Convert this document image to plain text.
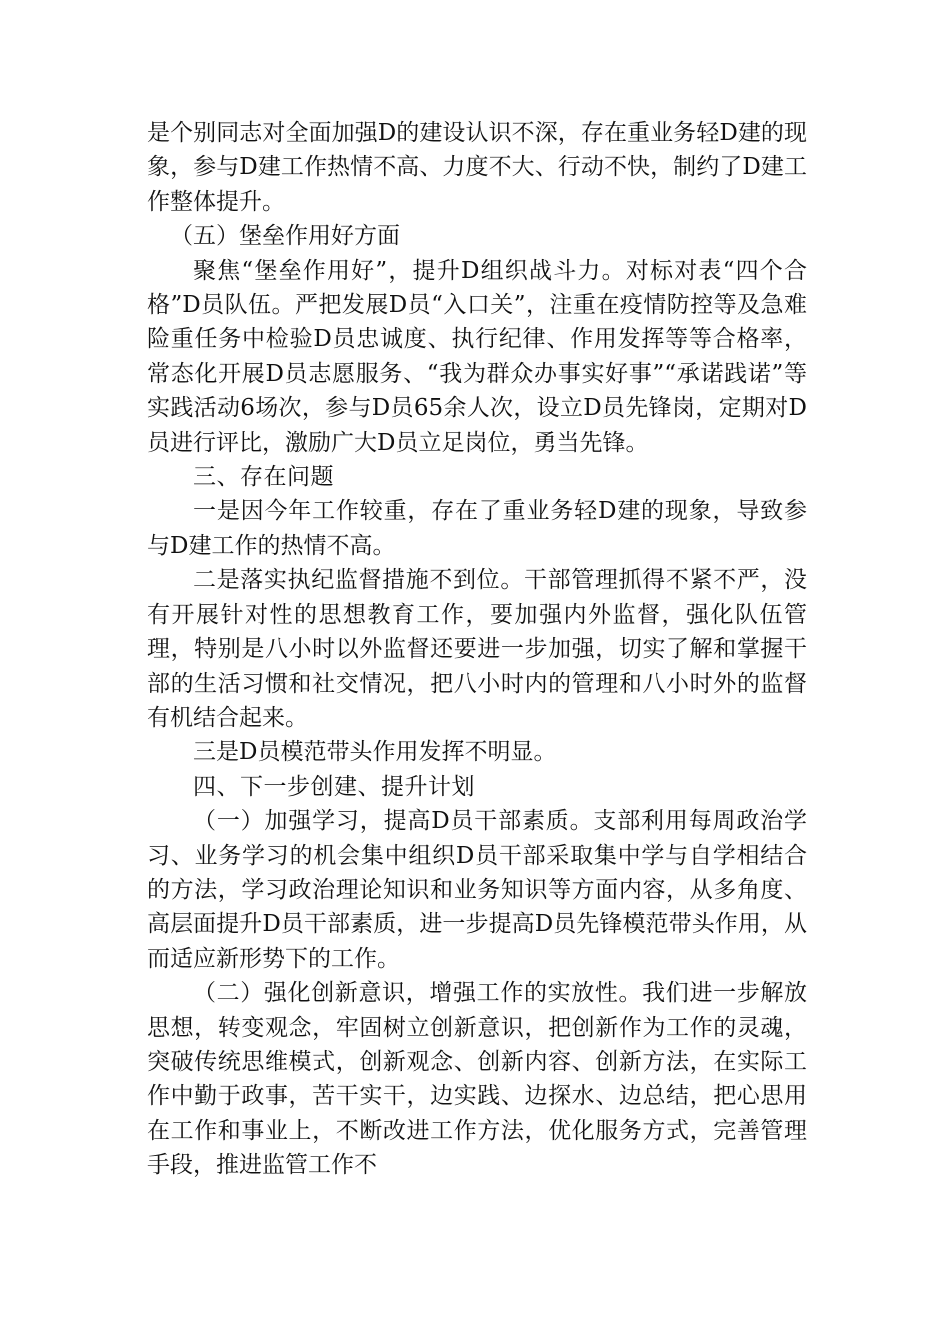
是个别同志对全面加强D的建设认识不深，存在重业务轻D建的现象，参与D建工作热情不高、力度不大、行动不快，制约了D建工作整体提升。

（五）堡垒作用好方面

聚焦“堡垒作用好”，提升D组织战斗力。对标对表“四个合格”D员队伍。严把发展D员“入口关”，注重在疫情防控等及急难险重任务中检验D员忠诚度、执行纪律、作用发挥等等合格率，常态化开展D员志愿服务、“我为群众办事实好事”“承诺践诺”等实践活动6场次，参与D员65余人次，设立D员先锋岗，定期对D员进行评比，激励广大D员立足岗位，勇当先锋。

三、存在问题

一是因今年工作较重，存在了重业务轻D建的现象，导致参与D建工作的热情不高。

二是落实执纪监督措施不到位。干部管理抓得不紧不严，没有开展针对性的思想教育工作，要加强内外监督，强化队伍管理，特别是八小时以外监督还要进一步加强，切实了解和掌握干部的生活习惯和社交情况，把八小时内的管理和八小时外的监督有机结合起来。

三是D员模范带头作用发挥不明显。

四、下一步创建、提升计划

（一）加强学习，提高D员干部素质。支部利用每周政治学习、业务学习的机会集中组织D员干部采取集中学与自学相结合的方法，学习政治理论知识和业务知识等方面内容，从多角度、高层面提升D员干部素质，进一步提高D员先锋模范带头作用，从而适应新形势下的工作。

（二）强化创新意识，增强工作的实放性。我们进一步解放思想，转变观念，牢固树立创新意识，把创新作为工作的灵魂，突破传统思维模式，创新观念、创新内容、创新方法，在实际工作中勤于政事，苦干实干，边实践、边探水、边总结，把心思用在工作和事业上，不断改进工作方法，优化服务方式，完善管理手段，推进监管工作不
